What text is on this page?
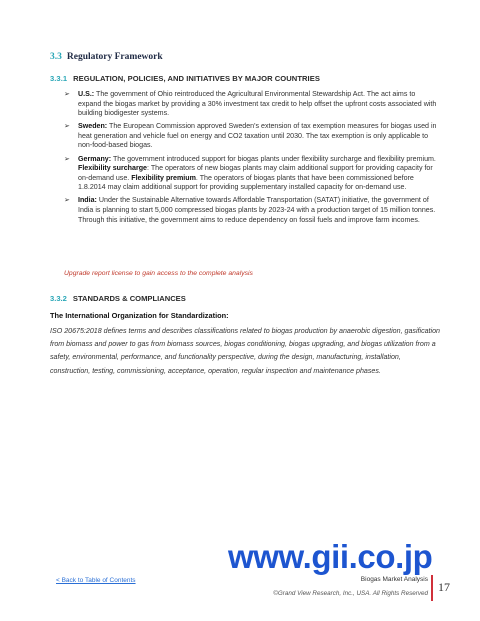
3.3 Regulatory Framework
3.3.1 REGULATION, POLICIES, AND INITIATIVES BY MAJOR COUNTRIES
➢ U.S.: The government of Ohio reintroduced the Agricultural Environmental Stewardship Act. The act aims to expand the biogas market by providing a 30% investment tax credit to help offset the upfront costs associated with building biodigester systems.
➢ Sweden: The European Commission approved Sweden's extension of tax exemption measures for biogas used in heat generation and vehicle fuel on energy and CO2 taxation until 2030. The tax exemption is only applicable to non-food-based biogas.
➢ Germany: The government introduced support for biogas plants under flexibility surcharge and flexibility premium. Flexibility surcharge: The operators of new biogas plants may claim additional support for providing capacity for on-demand use. Flexibility premium. The operators of biogas plants that have been commissioned before 1.8.2014 may claim additional support for providing supplementary installed capacity for on-demand use.
➢ India: Under the Sustainable Alternative towards Affordable Transportation (SATAT) initiative, the government of India is planning to start 5,000 compressed biogas plants by 2023-24 with a production target of 15 million tonnes. Through this initiative, the government aims to reduce dependency on fossil fuels and improve farm incomes.
Upgrade report license to gain access to the complete analysis
3.3.2 STANDARDS & COMPLIANCES
The International Organization for Standardization:
ISO 20675:2018 defines terms and describes classifications related to biogas production by anaerobic digestion, gasification from biomass and power to gas from biomass sources, biogas conditioning, biogas upgrading, and biogas utilization from a safety, environmental, performance, and functionality perspective, during the design, manufacturing, installation, construction, testing, commissioning, acceptance, operation, regular inspection and maintenance phases.
www.gii.co.jp
< Back to Table of Contents	Biogas Market Analysis
©Grand View Research, Inc., USA. All Rights Reserved 17
